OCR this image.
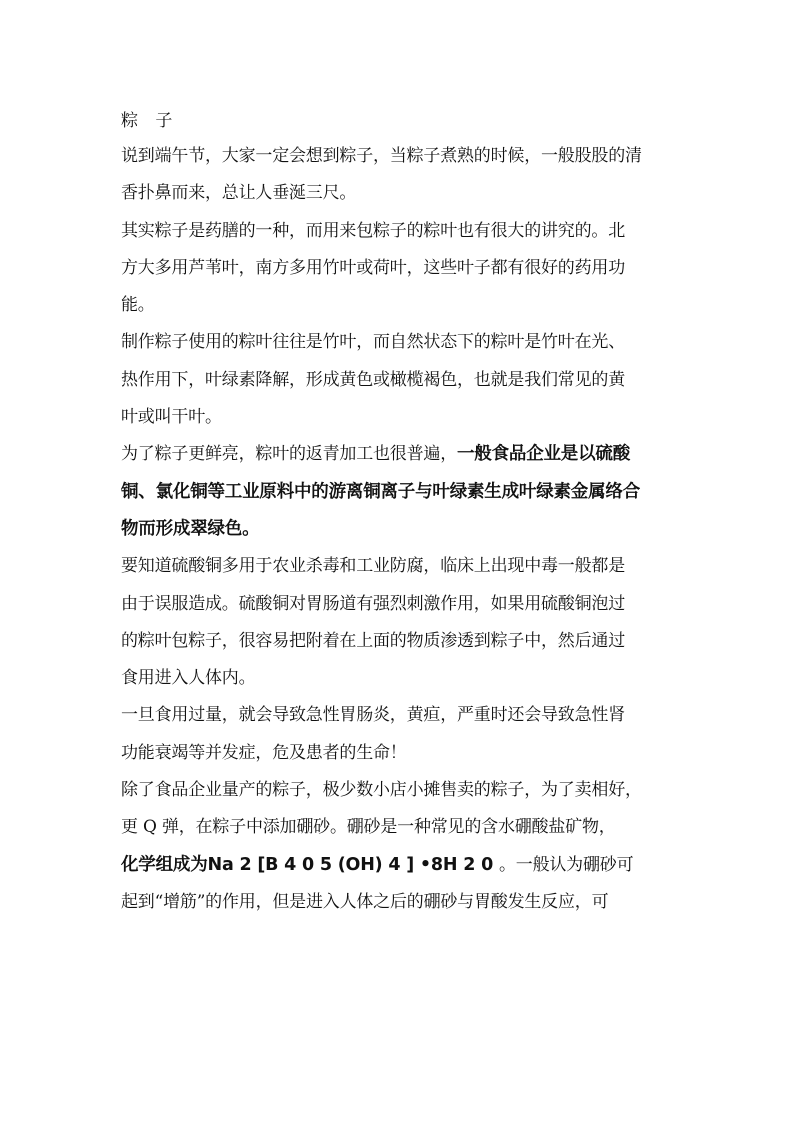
粽 子
说到端午节，大家一定会想到粽子，当粽子煮熟的时候，一般股股的清
香扑鼻而来，总让人垂涎三尺。
其实粽子是药膳的一种，而用来包粽子的粽叶也有很大的讲究的。北
方大多用芦苇叶，南方多用竹叶或荷叶，这些叶子都有很好的药用功
能。
制作粽子使用的粽叶往往是竹叶，而自然状态下的粽叶是竹叶在光、
热作用下，叶绿素降解，形成黄色或橄榄褐色，也就是我们常见的黄
叶或叫干叶。
为了粽子更鲜亮，粽叶的返青加工也很普遍，一般食品企业是以硫酸
铜、氯化铜等工业原料中的游离铜离子与叶绿素生成叶绿素金属络合
物而形成翠绿色。
要知道硫酸铜多用于农业杀毒和工业防腐，临床上出现中毒一般都是
由于误服造成。硫酸铜对胃肠道有强烈刺激作用，如果用硫酸铜泡过
的粽叶包粽子，很容易把附着在上面的物质渗透到粽子中，然后通过
食用进入人体内。
一旦食用过量，就会导致急性胃肠炎，黄疸，严重时还会导致急性肾
功能衰竭等并发症，危及患者的生命！
除了食品企业量产的粽子，极少数小店小摊售卖的粽子，为了卖相好，
更 Q 弹，在粽子中添加硼砂。硼砂是一种常见的含水硼酸盐矿物，
化学组成为Na 2 [B 4 0 5 (OH) 4 ] •8H 2 0 。一般认为硼砂可
起到“增筋”的作用，但是进入人体之后的硼砂与胃酸发生反应，可
